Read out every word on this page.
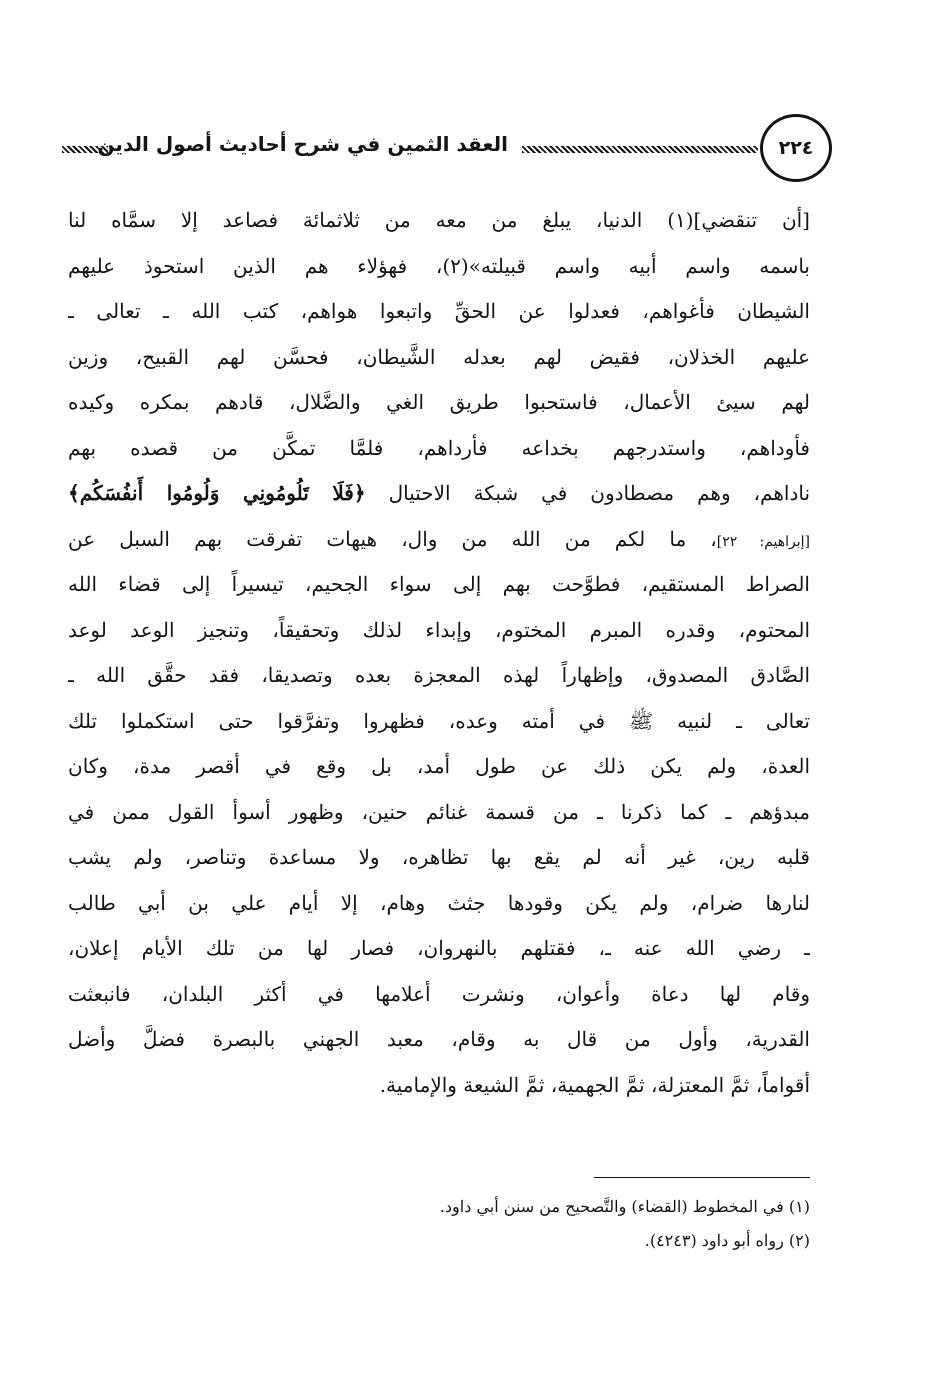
العقد الثمين في شرح أحاديث أصول الدين	٢٢٤
[أن تنقضي](١) الدنيا، يبلغ من معه من ثلاثمائة فصاعد إلا سمَّاه لنا
باسمه واسم أبيه واسم قبيلته»(٢)، فهؤلاء هم الذين استحوذ عليهم
الشيطان فأغواهم، فعدلوا عن الحقِّ واتبعوا هواهم، كتب الله ـ تعالى ـ
عليهم الخذلان، فقيض لهم بعدله الشَّيطان، فحسَّن لهم القبيح، وزين
لهم سيئ الأعمال، فاستحبوا طريق الغي والضَّلال، قادهم بمكره وكيده
فأوداهم، واستدرجهم بخداعه فأرداهم، فلمَّا تمكَّن من قصده بهم
ناداهم، وهم مصطادون في شبكة الاحتيال ﴿فَلَا تَلُومُونِي وَلُومُوا أَنفُسَكُم﴾
[إبراهيم: ٢٢]، ما لكم من الله من وال، هيهات تفرقت بهم السبل عن
الصراط المستقيم، فطوَّحت بهم إلى سواء الجحيم، تيسيراً إلى قضاء الله
المحتوم، وقدره المبرم المختوم، وإبداء لذلك وتحقيقاً، وتنجيز الوعد لوعد
الصَّادق المصدوق، وإظهاراً لهذه المعجزة بعده وتصديقا، فقد حقَّق الله ـ
تعالى ـ لنبيه ﷺ في أمته وعده، فظهروا وتفرَّقوا حتى استكملوا تلك
العدة، ولم يكن ذلك عن طول أمد، بل وقع في أقصر مدة، وكان
مبدؤهم ـ كما ذكرنا ـ من قسمة غنائم حنين، وظهور أسوأ القول ممن في
قلبه رين، غير أنه لم يقع بها تظاهره، ولا مساعدة وتناصر، ولم يشب
لنارها ضرام، ولم يكن وقودها جثث وهام، إلا أيام علي بن أبي طالب
ـ رضي الله عنه ـ، فقتلهم بالنهروان، فصار لها من تلك الأيام إعلان،
وقام لها دعاة وأعوان، ونشرت أعلامها في أكثر البلدان، فانبعثت
القدرية، وأول من قال به وقام، معبد الجهني بالبصرة فضلَّ وأضل
أقواماً، ثمَّ المعتزلة، ثمَّ الجهمية، ثمَّ الشيعة والإمامية.
(١) في المخطوط (القضاء) والتَّصحيح من سنن أبي داود.
(٢) رواه أبو داود (٤٢٤٣).
